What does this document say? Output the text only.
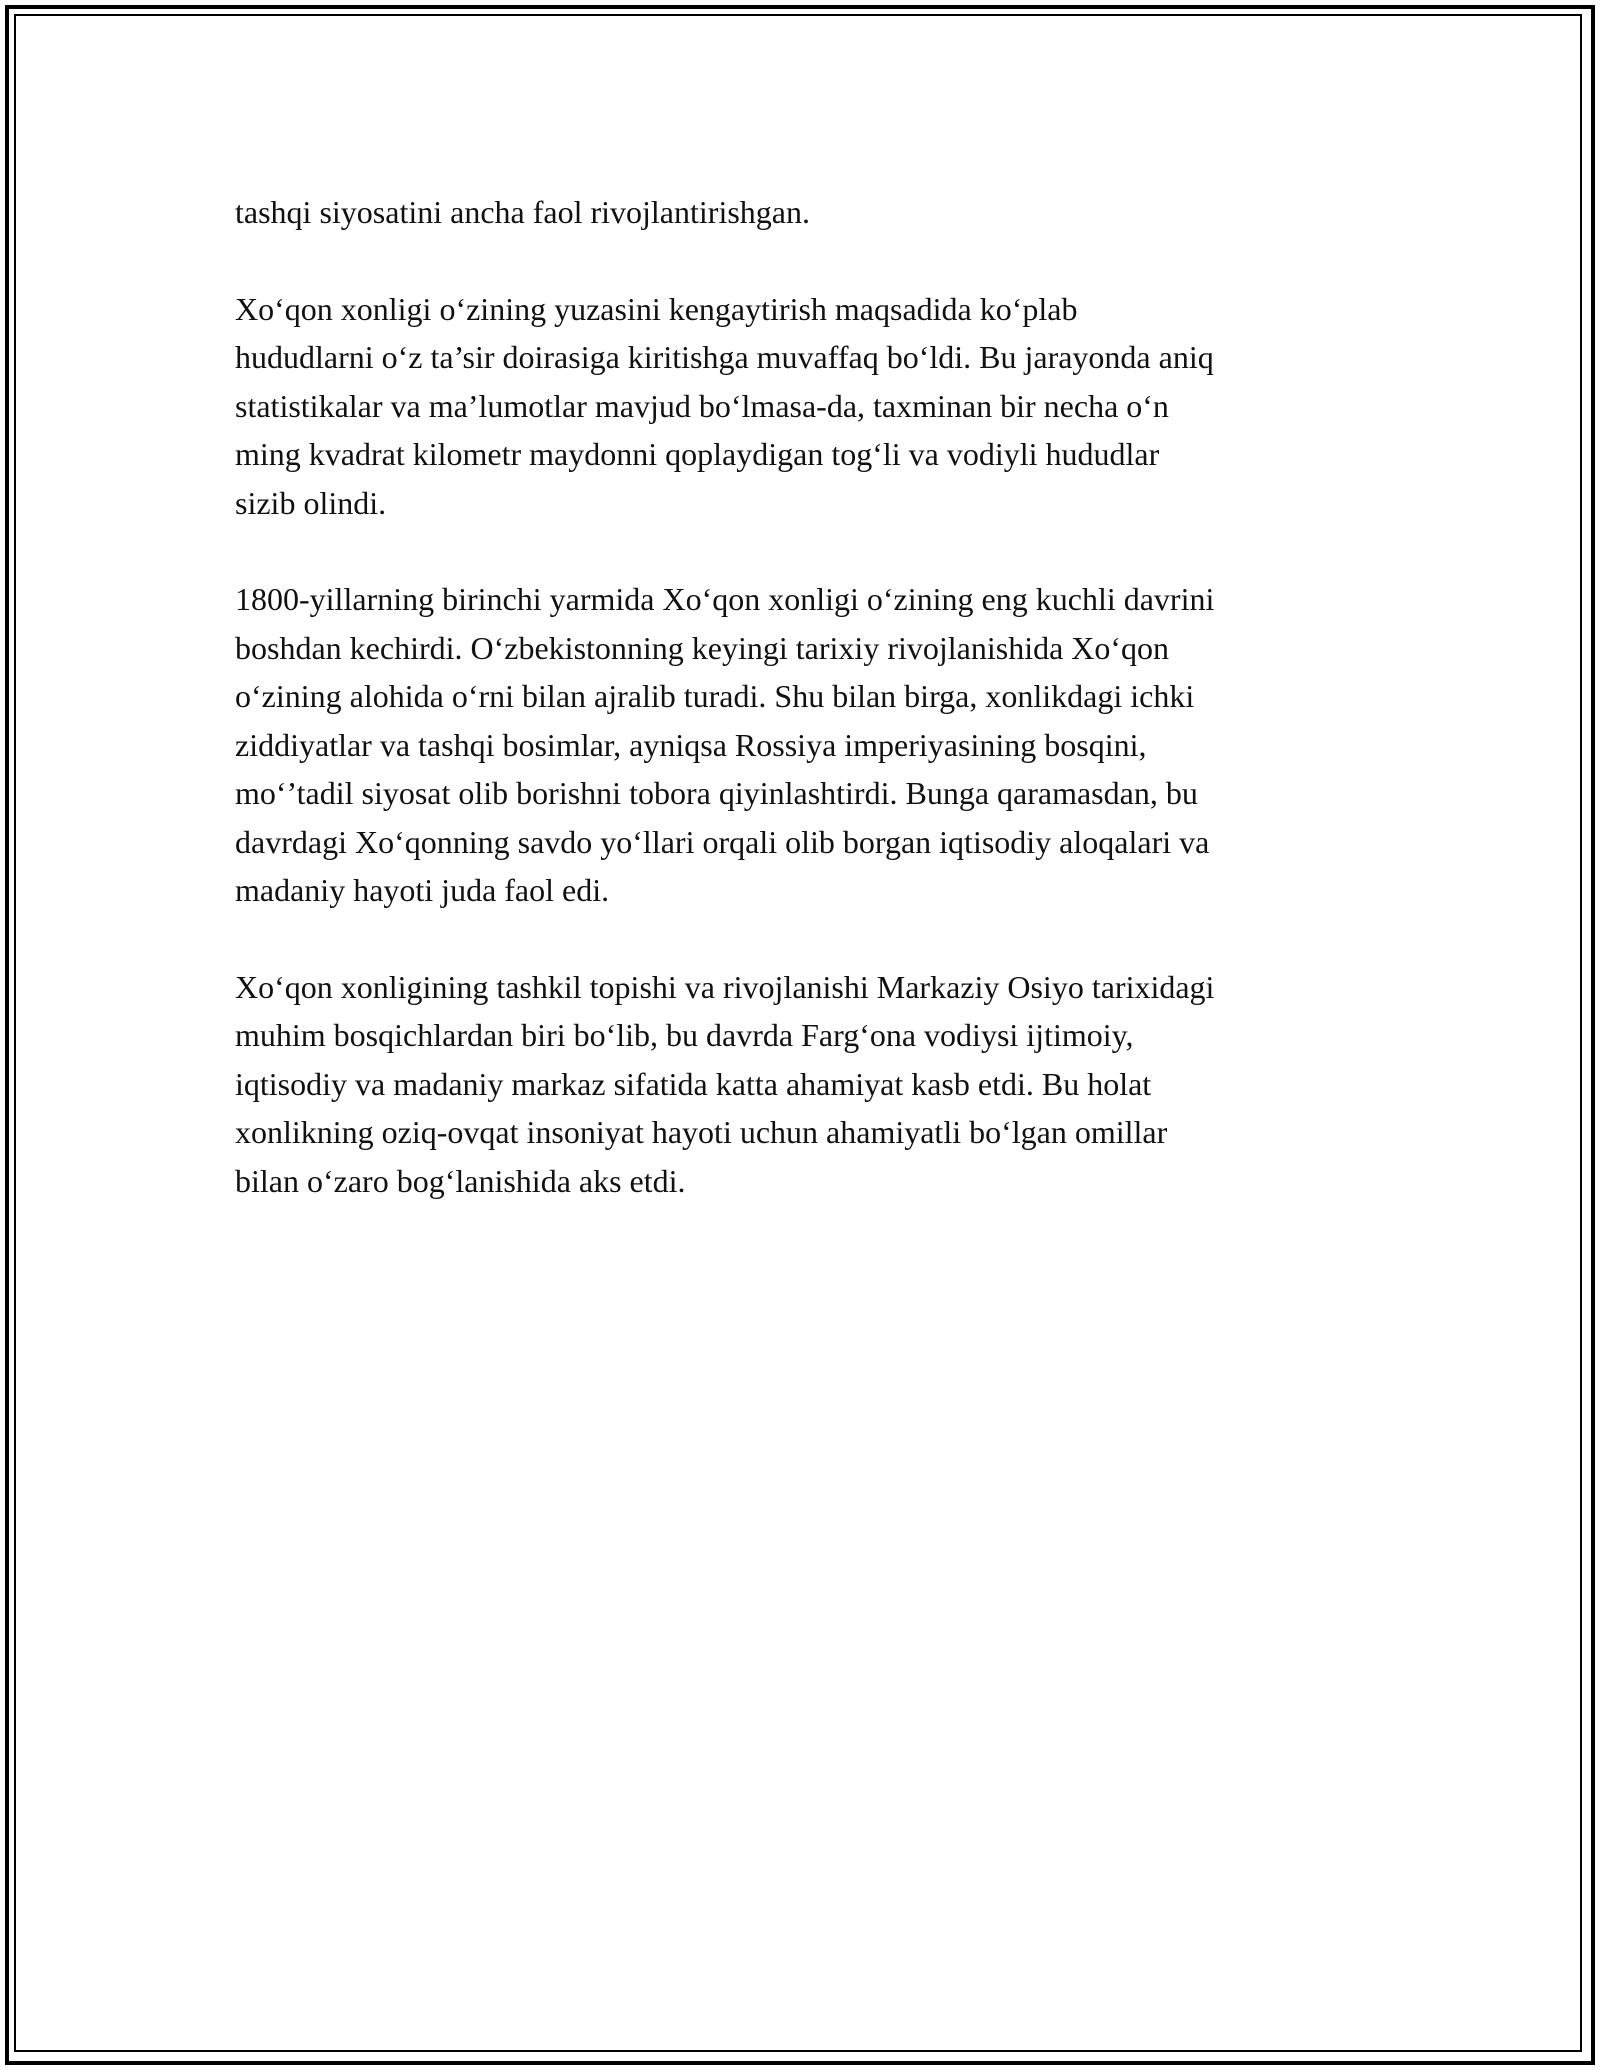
tashqi siyosatini ancha faol rivojlantirishgan.

Xo‘qon xonligi o‘zining yuzasini kengaytirish maqsadida ko‘plab
hududlarni o‘z ta’sir doirasiga kiritishga muvaffaq bo‘ldi. Bu jarayonda aniq
statistikalar va ma’lumotlar mavjud bo‘lmasa-da, taxminan bir necha o‘n
ming kvadrat kilometr maydonni qoplaydigan tog‘li va vodiyli hududlar
sizib olindi.

1800-yillarning birinchi yarmida Xo‘qon xonligi o‘zining eng kuchli davrini
boshdan kechirdi. O‘zbekistonning keyingi tarixiy rivojlanishida Xo‘qon
o‘zining alohida o‘rni bilan ajralib turadi. Shu bilan birga, xonlikdagi ichki
ziddiyatlar va tashqi bosimlar, ayniqsa Rossiya imperiyasining bosqini,
mo‘’tadil siyosat olib borishni tobora qiyinlashtirdi. Bunga qaramasdan, bu
davrdagi Xo‘qonning savdo yo‘llari orqali olib borgan iqtisodiy aloqalari va
madaniy hayoti juda faol edi.

Xo‘qon xonligining tashkil topishi va rivojlanishi Markaziy Osiyo tarixidagi
muhim bosqichlardan biri bo‘lib, bu davrda Farg‘ona vodiysi ijtimoiy,
iqtisodiy va madaniy markaz sifatida katta ahamiyat kasb etdi. Bu holat
xonlikning oziq-ovqat insoniyat hayoti uchun ahamiyatli bo‘lgan omillar
bilan o‘zaro bog‘lanishida aks etdi.
